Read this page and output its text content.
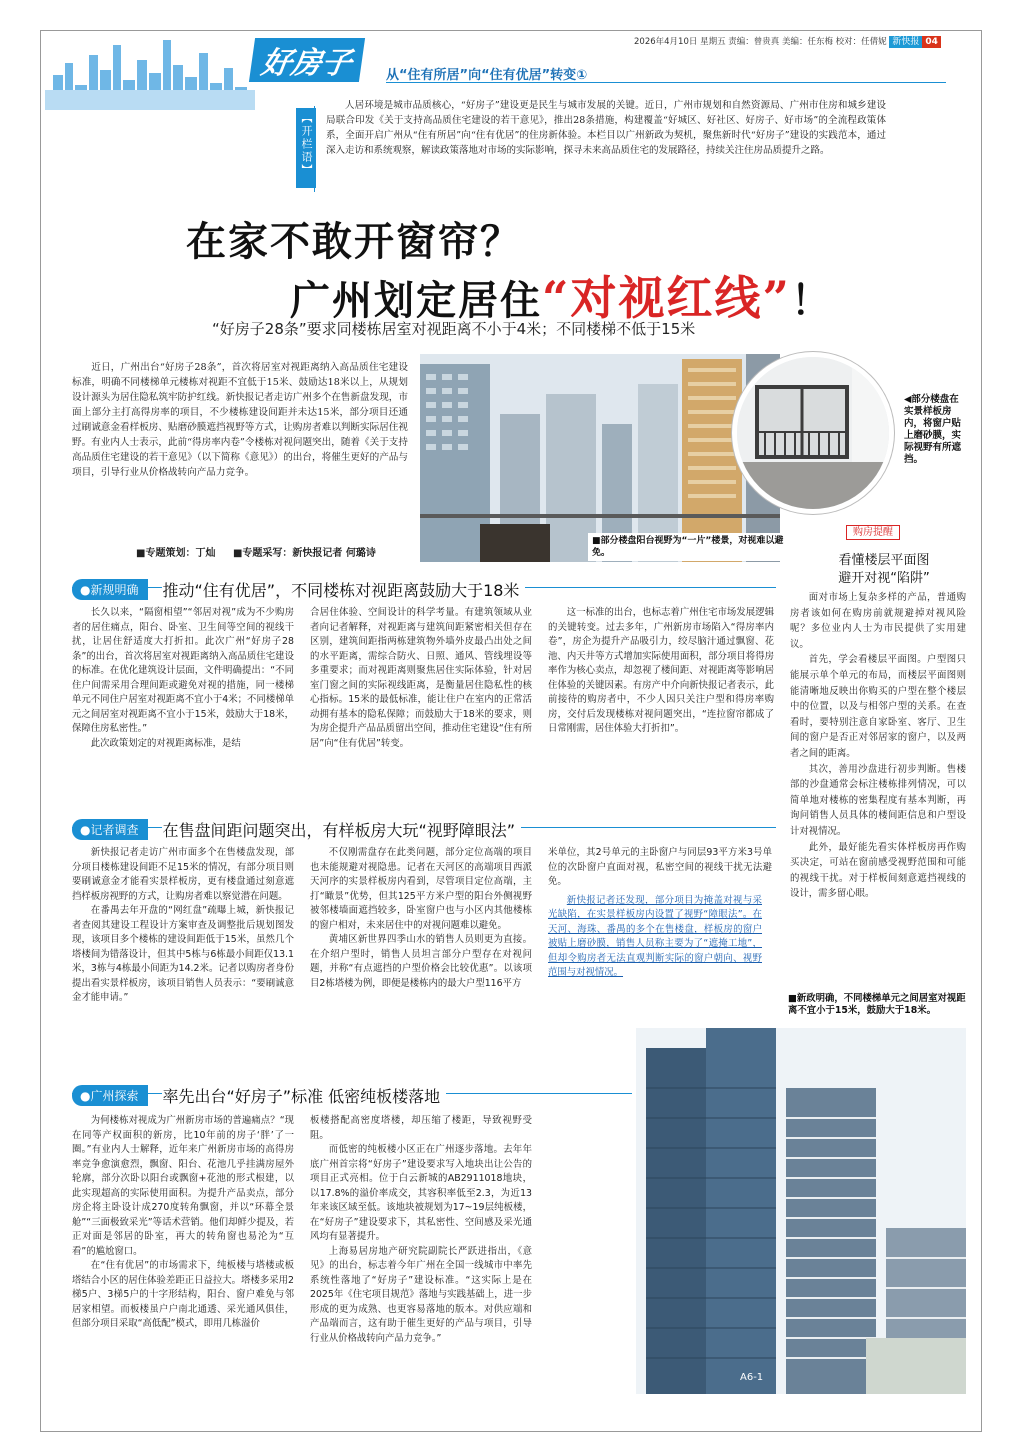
2026年4月10日 星期五 责编：曾贵真 美编：任东梅 校对：任倩妮 新快报 04
好房子	从“住有所居”向“住有优居”转变①
【开栏语】

人居环境是城市品质核心，“好房子”建设更是民生与城市发展的关键。近日，广州市规划和自然资源局、广州市住房和城乡建设局联合印发《关于支持高品质住宅建设的若干意见》，推出28条措施，构建覆盖“好城区、好社区、好房子、好市场”的全流程政策体系，全面开启广州从“住有所居”向“住有优居”的住房新体验。本栏目以广州新政为契机，聚焦新时代“好房子”建设的实践范本，通过深入走访和系统观察，解读政策落地对市场的实际影响，探寻未来高品质住宅的发展路径，持续关注住房品质提升之路。

在家不敢开窗帘？
广州划定居住“对视红线”！
“好房子28条”要求同楼栋居室对视距离不小于4米；不同楼梯不低于15米

近日，广州出台“好房子28条”，首次将居室对视距离纳入高品质住宅建设标准，明确不同楼梯单元楼栋对视距不宜低于15米、鼓励达18米以上，从规划设计源头为居住隐私筑牢防护红线。新快报记者走访广州多个在售新盘发现，市面上部分主打高得房率的项目，不少楼栋建设间距并未达15米，部分项目还通过刷诚意金看样板房、贴磨砂膜遮挡视野等方式，让购房者难以判断实际居住视野。有业内人士表示，此前“得房率内卷”令楼栋对视问题突出，随着《关于支持高品质住宅建设的若干意见》（以下简称《意见》）的出台，将催生更好的产品与项目，引导行业从价格战转向产品力竞争。

■专题策划：丁灿 ■专题采写：新快报记者 何璐诗
■部分楼盘阳台视野为“一片”楼景，对视难以避免。
◀部分楼盘在实景样板房内，将窗户贴上磨砂膜，实际视野有所遮挡。
购房提醒
看懂楼层平面图
避开对视“陷阱”

面对市场上复杂多样的产品，普通购房者该如何在购房前就规避掉对视风险呢？多位业内人士为市民提供了实用建议。

首先，学会看楼层平面图。户型图只能展示单个单元的布局，而楼层平面图则能清晰地反映出你购买的户型在整个楼层中的位置，以及与相邻户型的关系。在查看时，要特别注意自家卧室、客厅、卫生间的窗户是否正对邻居家的窗户，以及两者之间的距离。

其次，善用沙盘进行初步判断。售楼部的沙盘通常会标注楼栋排列情况，可以简单地对楼栋的密集程度有基本判断，再询问销售人员具体的楼间距信息和户型设计对视情况。

此外，最好能先看实体样板房再作购买决定，可站在窗前感受视野范围和可能的视线干扰。对于样板间刻意遮挡视线的设计，需多留心眼。

●新规明确	推动“住有优居”，不同楼栋对视距离鼓励大于18米

长久以来，“隔窗相望”“邻居对视”成为不少购房者的居住痛点，阳台、卧室、卫生间等空间的视线干扰，让居住舒适度大打折扣。此次广州“好房子28条”的出台，首次将居室对视距离纳入高品质住宅建设的标准。在优化建筑设计层面，文件明确提出：“不同住户间需采用合理间距或避免对视的措施，同一楼梯单元不同住户居室对视距离不宜小于4米；不同楼梯单元之间居室对视距离不宜小于15米，鼓励大于18米，保障住房私密性。”

此次政策划定的对视距离标准，是结

合居住体验、空间设计的科学考量。有建筑领域从业者向记者解释，对视距离与建筑间距紧密相关但存在区别，建筑间距指两栋建筑物外墙外皮最凸出处之间的水平距离，需综合防火、日照、通风、管线埋设等多重要求；而对视距离则聚焦居住实际体验，针对居室门窗之间的实际视线距离，是衡量居住隐私性的核心指标。15米的最低标准，能让住户在室内的正常活动拥有基本的隐私保障；而鼓励大于18米的要求，则为房企提升产品品质留出空间，推动住宅建设“住有所居”向“住有优居”转变。

这一标准的出台，也标志着广州住宅市场发展逻辑的关键转变。过去多年，广州新房市场陷入“得房率内卷”，房企为提升产品吸引力，绞尽脑汁通过飘窗、花池、内天井等方式增加实际使用面积，部分项目将得房率作为核心卖点，却忽视了楼间距、对视距离等影响居住体验的关键因素。有房产中介向新快报记者表示，此前接待的购房者中，不少人因只关注户型和得房率购房，交付后发现楼栋对视问题突出，“连拉窗帘都成了日常刚需，居住体验大打折扣”。

●记者调查	在售盘间距问题突出，有样板房大玩“视野障眼法”

新快报记者走访广州市面多个在售楼盘发现，部分项目楼栋建设间距不足15米的情况，有部分项目则要刷诚意金才能看实景样板房，更有楼盘通过刻意遮挡样板房视野的方式，让购房者难以察觉潜在问题。

在番禺去年开盘的“网红盘”疏曝上城，新快报记者查阅其建设工程设计方案审查及调整批后规划图发现，该项目多个楼栋的建设间距低于15米，虽然几个塔楼间为错落设计，但其中5栋与6栋最小间距仅13.1米，3栋与4栋最小间距为14.2米。记者以购房者身份提出看实景样板房，该项目销售人员表示：“要刷诚意金才能申请。”

不仅刚需盘存在此类问题，部分定位高端的项目也未能规避对视隐患。记者在天河区的高端项目西派天河序的实景样板房内看到，尽管项目定位高端，主打“瞰景”优势，但其125平方米户型的阳台外侧视野被邻楼墙面遮挡较多，卧室窗户也与小区内其他楼栋的窗户相对，未来居住中的对视问题难以避免。

黄埔区新世界四季山水的销售人员则更为直接。在介绍户型时，销售人员坦言部分户型存在对视问题，并称“有点遮挡的户型价格会比较优惠”。以该项目2栋塔楼为例，即便是楼栋内的最大户型116平方

米单位，其2号单元的主卧窗户与同层93平方米3号单位的次卧窗户直面对视，私密空间的视线干扰无法避免。

新快报记者还发现，部分项目为掩盖对视与采光缺陷，在实景样板房内设置了视野“障眼法”。在天河、海珠、番禺的多个在售楼盘，样板房的窗户被贴上磨砂膜，销售人员称主要为了“遮掩工地”，但却令购房者无法直观判断实际的窗户朝向、视野范围与对视情况。

■新政明确，不同楼梯单元之间居室对视距离不宜小于15米，鼓励大于18米。
A6-1
●广州探索	率先出台“好房子”标准 低密纯板楼落地

为何楼栋对视成为广州新房市场的普遍痛点？“现在同等产权面积的新房，比10年前的房子‘胖’了一圈。”有业内人士解释，近年来广州新房市场的高得房率竞争愈演愈烈，飘窗、阳台、花池几乎挂满房屋外轮廓，部分次卧以阳台或飘窗+花池的形式根建，以此实现超高的实际使用面积。为提升产品卖点，部分房企将主卧设计成270度转角飘窗，并以“环幕全景舱”“三面极致采光”等话术营销。他们却鲜少提及，若正对面是邻居的卧室，再大的转角窗也易沦为“互看”的尴尬窗口。

在“住有优居”的市场需求下，纯板楼与塔楼或板塔结合小区的居住体验差距正日益拉大。塔楼多采用2梯5户、3梯5户的十字形结构，阳台、窗户难免与邻居家相望。而板楼虽户户南北通透、采光通风俱佳，但部分项目采取“高低配”模式，即用几栋溢价

板楼搭配高密度塔楼，却压缩了楼距，导致视野受阻。

而低密的纯板楼小区正在广州逐步落地。去年年底广州首宗将“好房子”建设要求写入地块出让公告的项目正式亮相。位于白云新城的AB2911018地块，以17.8%的溢价率成交，其容积率低至2.3，为近13年来该区域至低。该地块被规划为17~19层纯板楼，在“好房子”建设要求下，其私密性、空间感及采光通风均有显著提升。

上海易居房地产研究院副院长严跃进指出，《意见》的出台，标志着今年广州在全国一线城市中率先系统性落地了“好房子”建设标准。“这实际上是在2025年《住宅项目规范》落地与实践基础上，进一步形成的更为成熟、也更容易落地的版本。对供应端和产品端而言，这有助于催生更好的产品与项目，引导行业从价格战转向产品力竞争。”
